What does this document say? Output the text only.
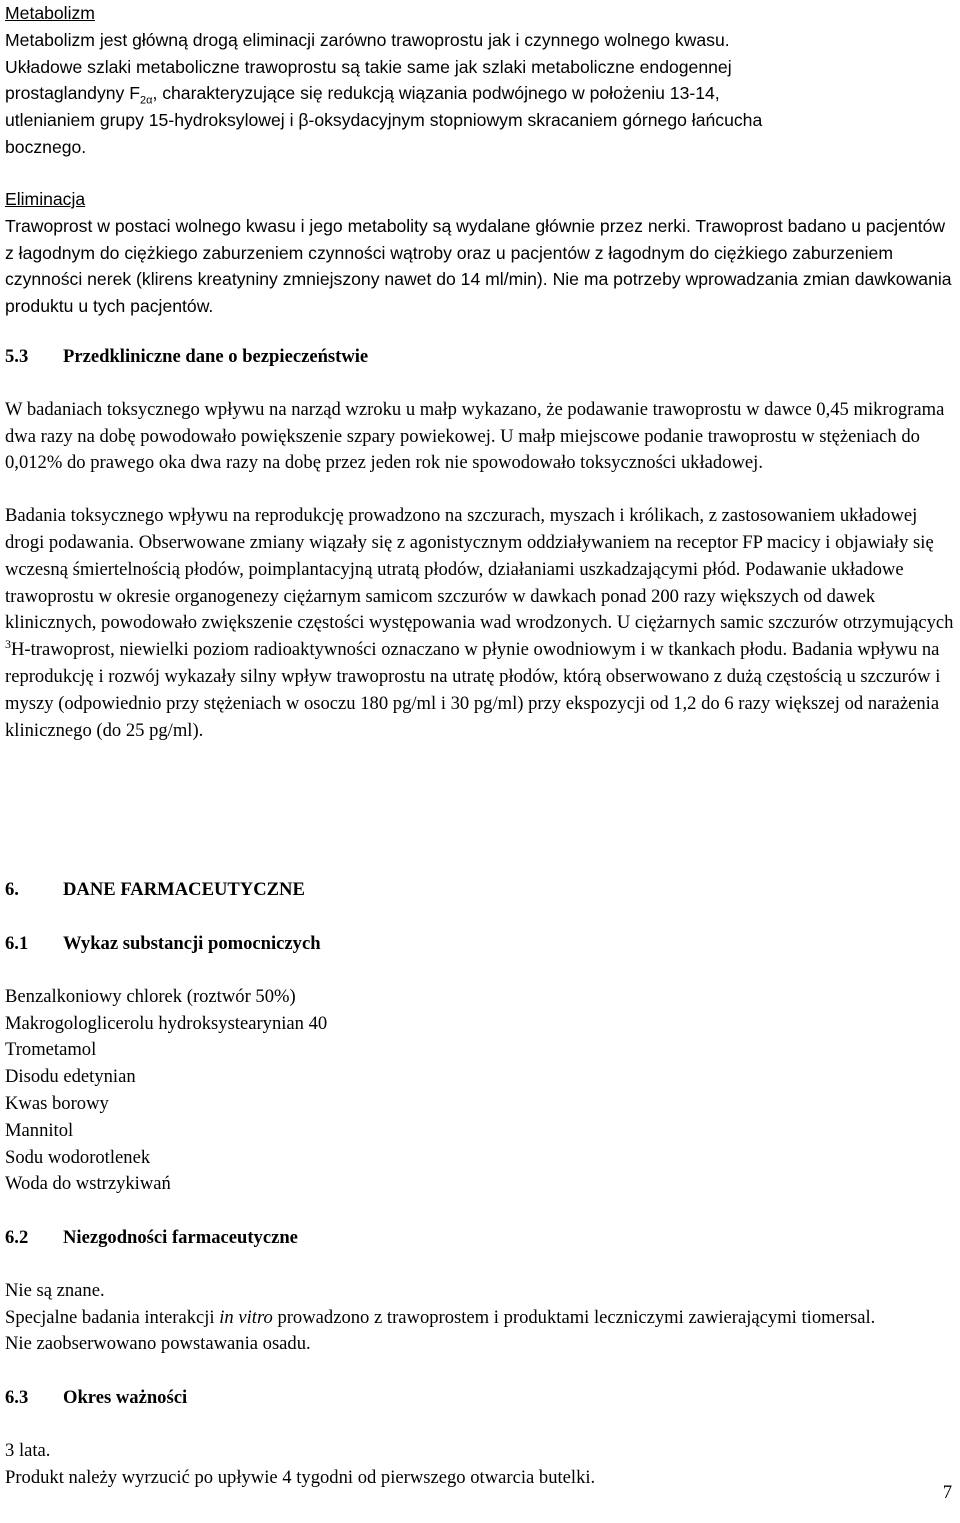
Metabolizm

Metabolizm jest główną drogą eliminacji zarówno trawoprostu jak i czynnego wolnego kwasu.

Układowe szlaki metaboliczne trawoprostu są takie same jak szlaki metaboliczne endogennej

prostaglandyny $F_{2\alpha}$, charakteryzujące się redukcją wiązania podwójnego w położeniu 13-14,

utlenianiem grupy 15-hydroksylowej i β-oksydacyjnym stopniowym skracaniem górnego łańcucha

bocznego.

Eliminacja

Trawoprost w postaci wolnego kwasu i jego metabolity są wydalane głównie przez nerki. Trawoprost badano u pacjentów z łagodnym do ciężkiego zaburzeniem czynności wątroby oraz u pacjentów z łagodnym do ciężkiego zaburzeniem czynności nerek (klirens kreatyniny zmniejszony nawet do 14 ml/min). Nie ma potrzeby wprowadzania zmian dawkowania produktu u tych pacjentów.

5.3 Przedkliniczne dane o bezpieczeństwie

W badaniach toksycznego wpływu na narząd wzroku u małp wykazano, że podawanie trawoprostu w dawce 0,45 mikrograma dwa razy na dobę powodowało powiększenie szpary powiekowej. U małp miejscowe podanie trawoprostu w stężeniach do 0,012% do prawego oka dwa razy na dobę przez jeden rok nie spowodowało toksyczności układowej.

Badania toksycznego wpływu na reprodukcję prowadzono na szczurach, myszach i królikach, z zastosowaniem układowej drogi podawania. Obserwowane zmiany wiązały się z agonistycznym oddziaływaniem na receptor FP macicy i objawiały się wczesną śmiertelnością płodów, poimplantacyjną utratą płodów, działaniami uszkadzającymi płód. Podawanie układowe trawoprostu w okresie organogenezy ciężarnym samicom szczurów w dawkach ponad 200 razy większych od dawek klinicznych, powodowało zwiększenie częstości występowania wad wrodzonych. U ciężarnych samic szczurów otrzymujących $^3$H-trawoprost, niewielki poziom radioaktywności oznaczano w płynie owodniowym i w tkankach płodu. Badania wpływu na reprodukcję i rozwój wykazały silny wpływ trawoprostu na utratę płodów, którą obserwowano z dużą częstością u szczurów i myszy (odpowiednio przy stężeniach w osoczu 180 pg/ml i 30 pg/ml) przy ekspozycji od 1,2 do 6 razy większej od narażenia klinicznego (do 25 pg/ml).

6. DANE FARMACEUTYCZNE

6.1 Wykaz substancji pomocniczych

Benzalkoniowy chlorek (roztwór 50%)

Makrogologlicerolu hydroksystearynian 40

Trometamol

Disodu edetynian

Kwas borowy

Mannitol

Sodu wodorotlenek

Woda do wstrzykiwań

6.2 Niezgodności farmaceutyczne

Nie są znane.

Specjalne badania interakcji in vitro prowadzono z trawoprostem i produktami leczniczymi zawierającymi tiomersal. Nie zaobserwowano powstawania osadu.

6.3 Okres ważności

3 lata.

Produkt należy wyrzucić po upływie 4 tygodni od pierwszego otwarcia butelki.

7
